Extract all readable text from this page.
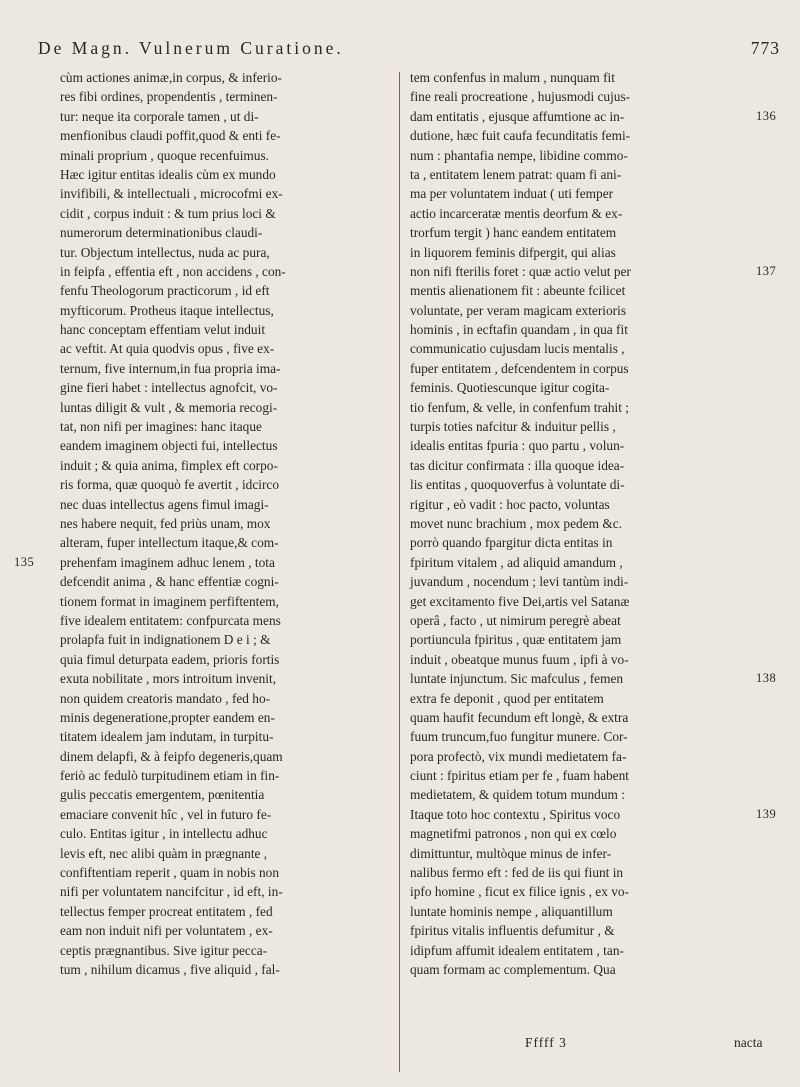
De Magn. Vulnerum Curatione.	773
cùm actiones animæ,in corpus, & inferio-
res fibi ordines, propendentis , terminen-
tur: neque ita corporale tamen , ut di-
menfionibus claudi poffit,quod & enti fe-
minali proprium , quoque recenfuimus.
Hæc igitur entitas idealis cùm ex mundo
invifibili, & intellectuali , microcofmi ex-
cidit , corpus induit : & tum prius loci &
numerorum determinationibus claudi-
tur. Objectum intellectus, nuda ac pura,
in feipfa , effentia eft , non accidens , con-
fenfu Theologorum practicorum , id eft
myfticorum. Protheus itaque intellectus,
hanc conceptam effentiam velut induit
ac veftit. At quia quodvis opus , five ex-
ternum, five internum,in fua propria ima-
gine fieri habet : intellectus agnofcit, vo-
luntas diligit & vult , & memoria recogi-
tat, non nifi per imagines: hanc itaque
eandem imaginem objecti fui, intellectus
induit ; & quia anima, fimplex eft corpo-
ris forma, quæ quoquò fe avertit , idcirco
nec duas intellectus agens fimul imagi-
nes habere nequit, fed priùs unam, mox
alteram, fuper intellectum itaque,& com-
prehenfam imaginem adhuc lenem , tota
defcendit anima , & hanc effentiæ cogni-
tionem format in imaginem perfiftentem,
five idealem entitatem: confpurcata mens
prolapfa fuit in indignationem D e i ; &
quia fimul deturpata eadem, prioris fortis
exuta nobilitate , mors introitum invenit,
non quidem creatoris mandato , fed ho-
minis degeneratione,propter eandem en-
titatem idealem jam indutam, in turpitu-
dinem delapfi, & à feipfo degeneris,quam
feriò ac fedulò turpitudinem etiam in fin-
gulis peccatis emergentem, pœnitentia
emaciare convenit hîc , vel in futuro fe-
culo. Entitas igitur , in intellectu adhuc
levis eft, nec alibi quàm in prægnante ,
confiftentiam reperit , quam in nobis non
nifi per voluntatem nancifcitur , id eft, in-
tellectus femper procreat entitatem , fed
eam non induit nifi per voluntatem , ex-
ceptis prægnantibus. Sive igitur pecca-
tum , nihilum dicamus , five aliquid , fal-
tem confenfus in malum , nunquam fit
fine reali procreatione , hujusmodi cujus-
dam entitatis , ejusque affumtione ac in-
dutione, hæc fuit caufa fecunditatis femi-
num : phantafia nempe, libidine commo-
ta , entitatem lenem patrat: quam fi ani-
ma per voluntatem induat ( uti femper
actio incarceratæ mentis deorfum & ex-
trorfum tergit ) hanc eandem entitatem
in liquorem feminis difpergit, qui alias
non nifi fterilis foret : quæ actio velut per
mentis alienationem fit : abeunte fcilicet
voluntate, per veram magicam exterioris
hominis , in ecftafin quandam , in qua fit
communicatio cujusdam lucis mentalis ,
fuper entitatem , defcendentem in corpus
feminis. Quotiescunque igitur cogita-
tio fenfum, & velle, in confenfum trahit ;
turpis toties nafcitur & induitur pellis ,
idealis entitas fpuria : quo partu , volun-
tas dicitur confirmata : illa quoque idea-
lis entitas , quoquoverfus à voluntate di-
rigitur , eò vadit : hoc pacto, voluntas
movet nunc brachium , mox pedem &c.
porrò quando fpargitur dicta entitas in
fpiritum vitalem , ad aliquid amandum ,
juvandum , nocendum ; levi tantùm indi-
get excitamento five Dei,artis vel Satanæ
operâ , facto , ut nimirum peregrè abeat
portiuncula fpiritus , quæ entitatem jam
induit , obeatque munus fuum , ipfi à vo-
luntate injunctum. Sic mafculus , femen
extra fe deponit , quod per entitatem
quam haufit fecundum eft longè, & extra
fuum truncum,fuo fungitur munere. Cor-
pora profectò, vix mundi medietatem fa-
ciunt : fpiritus etiam per fe , fuam habent
medietatem, & quidem totum mundum :
Itaque toto hoc contextu , Spiritus voco
magnetifmi patronos , non qui ex cœlo
dimittuntur, multòque minus de infer-
nalibus fermo eft : fed de iis qui fiunt in
ipfo homine , ficut ex filice ignis , ex vo-
luntate hominis nempe , aliquantillum
fpiritus vitalis influentis defumitur , &
idipfum affumit idealem entitatem , tan-
quam formam ac complementum. Qua
135
136
137
138
139
Fffff 3	nacta
